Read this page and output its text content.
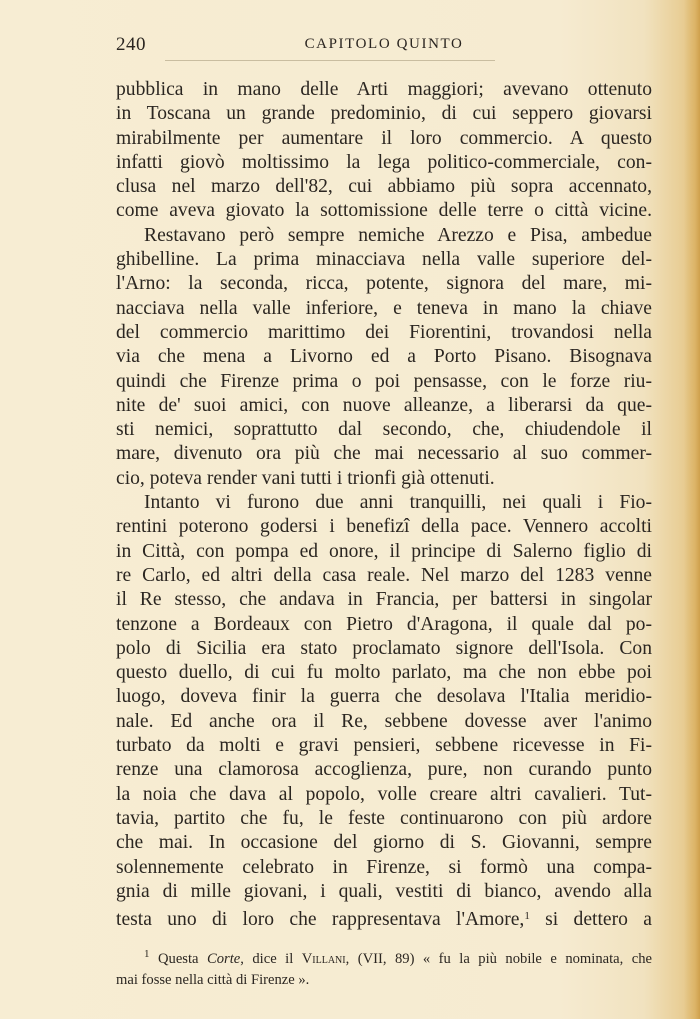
240	CAPITOLO QUINTO
pubblica in mano delle Arti maggiori; avevano ottenuto
in Toscana un grande predominio, di cui seppero giovarsi
mirabilmente per aumentare il loro commercio. A questo
infatti giovò moltissimo la lega politico-commerciale, con-
clusa nel marzo dell'82, cui abbiamo più sopra accennato,
come aveva giovato la sottomissione delle terre o città vicine.
Restavano però sempre nemiche Arezzo e Pisa, ambedue
ghibelline. La prima minacciava nella valle superiore del-
l'Arno: la seconda, ricca, potente, signora del mare, mi-
nacciava nella valle inferiore, e teneva in mano la chiave
del commercio marittimo dei Fiorentini, trovandosi nella
via che mena a Livorno ed a Porto Pisano. Bisognava
quindi che Firenze prima o poi pensasse, con le forze riu-
nite de' suoi amici, con nuove alleanze, a liberarsi da que-
sti nemici, soprattutto dal secondo, che, chiudendole il
mare, divenuto ora più che mai necessario al suo commer-
cio, poteva render vani tutti i trionfi già ottenuti.
Intanto vi furono due anni tranquilli, nei quali i Fio-
rentini poterono godersi i benefizî della pace. Vennero accolti
in Città, con pompa ed onore, il principe di Salerno figlio di
re Carlo, ed altri della casa reale. Nel marzo del 1283 venne
il Re stesso, che andava in Francia, per battersi in singolar
tenzone a Bordeaux con Pietro d'Aragona, il quale dal po-
polo di Sicilia era stato proclamato signore dell'Isola. Con
questo duello, di cui fu molto parlato, ma che non ebbe poi
luogo, doveva finir la guerra che desolava l'Italia meridio-
nale. Ed anche ora il Re, sebbene dovesse aver l'animo
turbato da molti e gravi pensieri, sebbene ricevesse in Fi-
renze una clamorosa accoglienza, pure, non curando punto
la noia che dava al popolo, volle creare altri cavalieri. Tut-
tavia, partito che fu, le feste continuarono con più ardore
che mai. In occasione del giorno di S. Giovanni, sempre
solennemente celebrato in Firenze, si formò una compa-
gnia di mille giovani, i quali, vestiti di bianco, avendo alla
testa uno di loro che rappresentava l'Amore,$^1$ si dettero a
$^1$ Questa Corte, dice il Villani, (VII, 89) « fu la più nobile e nominata, che
mai fosse nella città di Firenze ».
